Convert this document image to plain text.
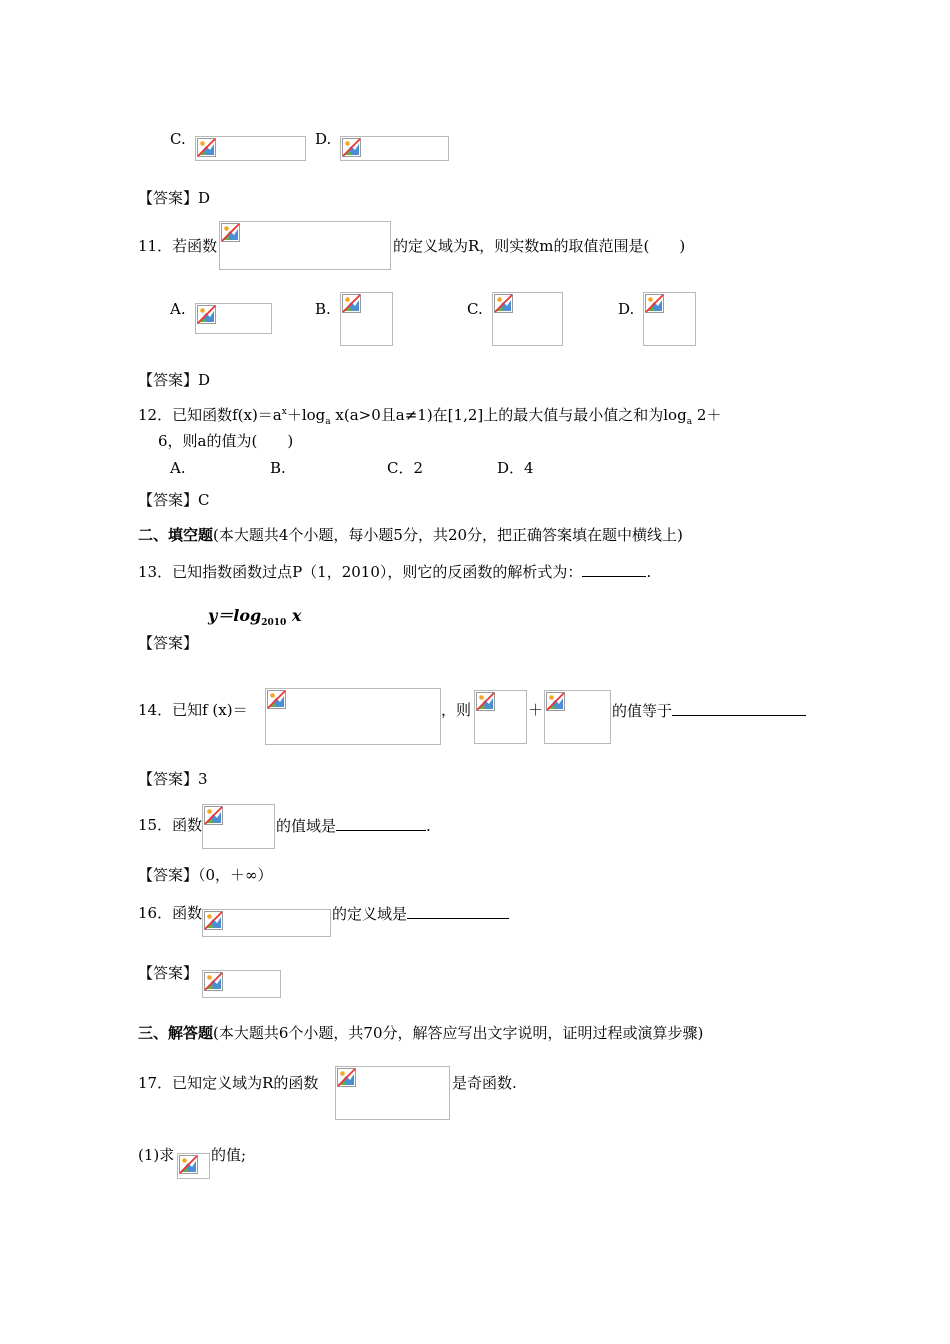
C.	D.
【答案】D
11．若函数	的定义域为R，则实数m的取值范围是(　　)
A.	B.	C.	D.
【答案】D
12．已知函数$f(x)=a^x+\log_a$ x(a>0且a≠1)在[1,2]上的最大值与最小值之和为$\log_a 2+$
6，则a的值为(　　)
A.	B.	C．2	D．4
【答案】C
二、填空题(本大题共4个小题，每小题5分，共20分，把正确答案填在题中横线上)
13．已知指数函数过点P（1，2010），则它的反函数的解析式为：	.
$y=\log_{2010}$ x
【答案】
14．已知f (x)＝	，则	＋	的值等于
【答案】3
15．函数	的值域是	.
【答案】（0，＋∞）
16．函数	的定义域是
【答案】
三、解答题(本大题共6个小题，共70分，解答应写出文字说明，证明过程或演算步骤)
17．已知定义域为R的函数	是奇函数.
(1)求 的值;
